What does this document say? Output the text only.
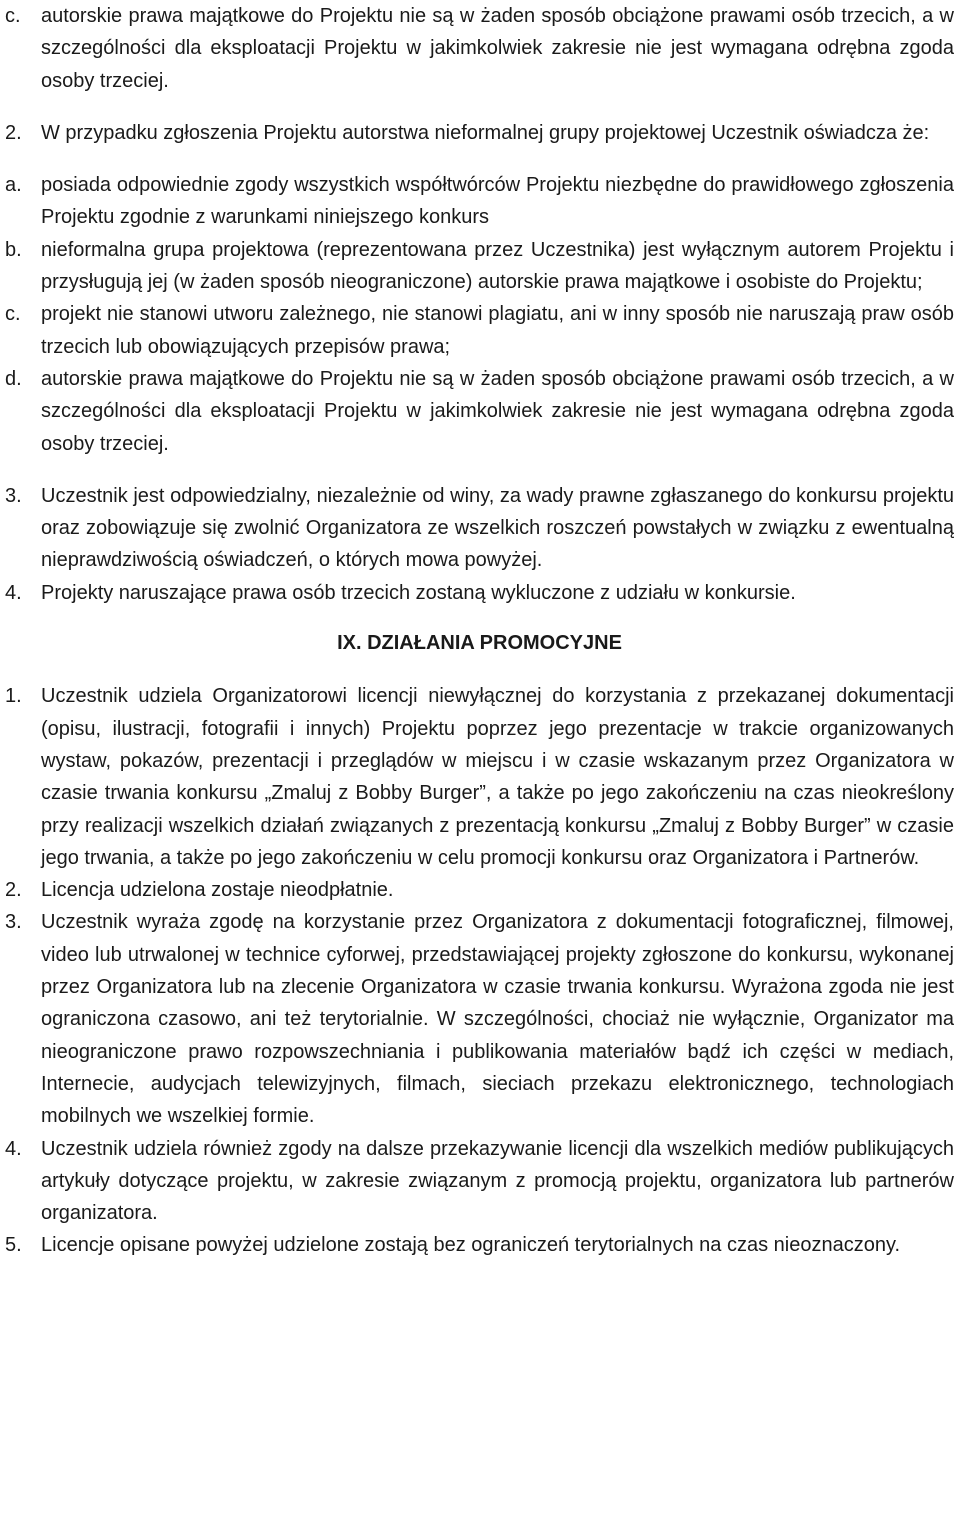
c.	autorskie prawa majątkowe do Projektu nie są w żaden sposób obciążone prawami osób trzecich, a w szczególności dla eksploatacji Projektu w jakimkolwiek zakresie nie jest wymagana odrębna zgoda osoby trzeciej.
2. W przypadku zgłoszenia Projektu autorstwa nieformalnej grupy projektowej Uczestnik oświadcza że:
a. posiada odpowiednie zgody wszystkich współtwórców Projektu niezbędne do prawidłowego zgłoszenia Projektu zgodnie z warunkami niniejszego konkurs
b. nieformalna grupa projektowa (reprezentowana przez Uczestnika) jest wyłącznym autorem Projektu i przysługują jej (w żaden sposób nieograniczone) autorskie prawa majątkowe i osobiste do Projektu;
c.	projekt nie stanowi utworu zależnego, nie stanowi plagiatu, ani w inny sposób nie naruszają praw osób trzecich lub obowiązujących przepisów prawa;
d. autorskie prawa majątkowe do Projektu nie są w żaden sposób obciążone prawami osób trzecich, a w szczególności dla eksploatacji Projektu w jakimkolwiek zakresie nie jest wymagana odrębna zgoda osoby trzeciej.
3. Uczestnik jest odpowiedzialny, niezależnie od winy, za wady prawne zgłaszanego do konkursu projektu oraz zobowiązuje się zwolnić Organizatora ze wszelkich roszczeń powstałych w związku z ewentualną nieprawdziwością oświadczeń, o których mowa powyżej.
4. Projekty naruszające prawa osób trzecich zostaną wykluczone z udziału w konkursie.
IX. DZIAŁANIA PROMOCYJNE
1. Uczestnik udziela Organizatorowi licencji niewyłącznej do korzystania z przekazanej dokumentacji (opisu, ilustracji, fotografii i innych) Projektu poprzez jego prezentacje w trakcie organizowanych wystaw, pokazów, prezentacji i przeglądów w miejscu i w czasie wskazanym przez Organizatora w czasie trwania konkursu „Zmaluj z Bobby Burger”, a także po jego zakończeniu na czas nieokreślony przy realizacji wszelkich działań związanych z prezentacją konkursu „Zmaluj z Bobby Burger” w czasie jego trwania, a także po jego zakończeniu w celu promocji konkursu oraz Organizatora i Partnerów.
2. Licencja udzielona zostaje nieodpłatnie.
3. Uczestnik wyraża zgodę na korzystanie przez Organizatora z dokumentacji fotograficznej, filmowej, video lub utrwalonej w technice cyforwej, przedstawiającej projekty zgłoszone do konkursu, wykonanej przez Organizatora lub na zlecenie Organizatora w czasie trwania konkursu. Wyrażona zgoda nie jest ograniczona czasowo, ani też terytorialnie. W szczególności, chociaż nie wyłącznie, Organizator ma nieograniczone prawo rozpowszechniania i publikowania materiałów bądź ich części w mediach, Internecie, audycjach telewizyjnych, filmach, sieciach przekazu elektronicznego, technologiach mobilnych we wszelkiej formie.
4. Uczestnik udziela również zgody na dalsze przekazywanie licencji dla wszelkich mediów publikujących artykuły dotyczące projektu, w zakresie związanym z promocją projektu, organizatora lub partnerów organizatora.
5. Licencje opisane powyżej udzielone zostają bez ograniczeń terytorialnych na czas nieoznaczony.
